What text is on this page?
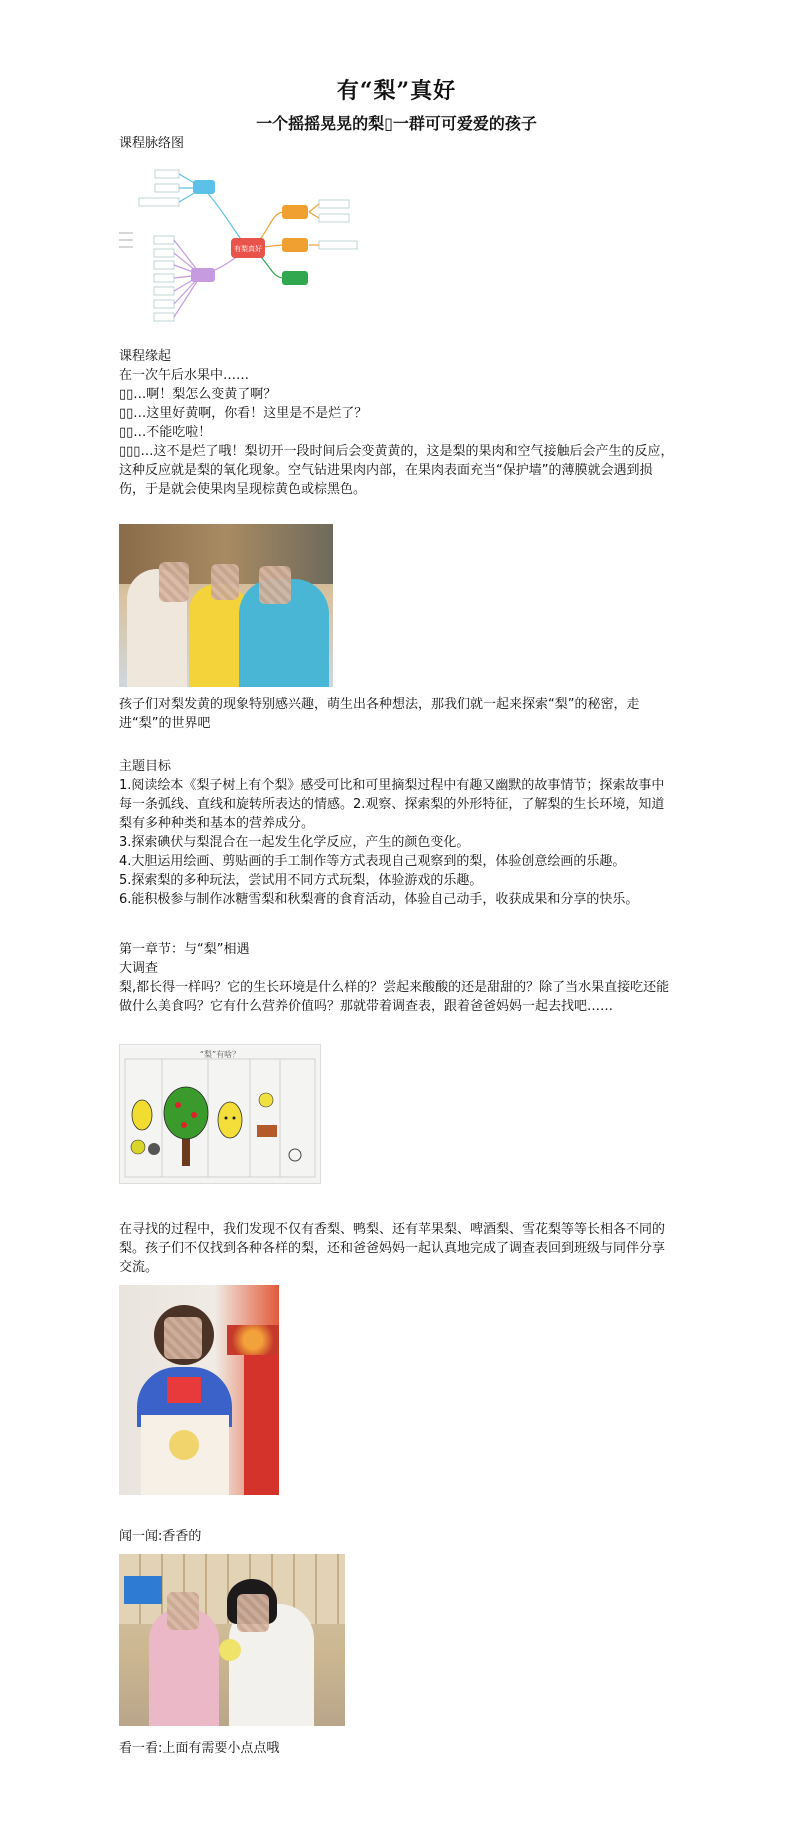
有“梨”真好
一个摇摇晃晃的梨▯一群可可爱爱的孩子
课程脉络图
有梨真好
课程缘起
在一次午后水果中……
▯▯…啊！梨怎么变黄了啊？
▯▯…这里好黄啊，你看！这里是不是烂了？
▯▯…不能吃啦！
▯▯▯…这不是烂了哦！梨切开一段时间后会变黄黄的，这是梨的果肉和空气接触后会产生的反应，这种反应就是梨的氧化现象。空气钻进果肉内部，在果肉表面充当“保护墙”的薄膜就会遇到损伤，于是就会使果肉呈现棕黄色或棕黑色。
孩子们对梨发黄的现象特别感兴趣，萌生出各种想法，那我们就一起来探索“梨”的秘密，走进“梨”的世界吧
主题目标
1.阅读绘本《梨子树上有个梨》感受可比和可里摘梨过程中有趣又幽默的故事情节；探索故事中每一条弧线、直线和旋转所表达的情感。2.观察、探索梨的外形特征，了解梨的生长环境，知道梨有多种种类和基本的营养成分。
3.探索碘伏与梨混合在一起发生化学反应，产生的颜色变化。
4.大胆运用绘画、剪贴画的手工制作等方式表现自己观察到的梨，体验创意绘画的乐趣。
5.探索梨的多种玩法，尝试用不同方式玩梨，体验游戏的乐趣。
6.能积极参与制作冰糖雪梨和秋梨膏的食育活动，体验自己动手，收获成果和分享的快乐。
第一章节：与“梨”相遇
大调查
梨,都长得一样吗？它的生长环境是什么样的？尝起来酸酸的还是甜甜的？除了当水果直接吃还能做什么美食吗？它有什么营养价值吗？那就带着调查表，跟着爸爸妈妈一起去找吧……
“梨”有啥？
在寻找的过程中，我们发现不仅有香梨、鸭梨、还有苹果梨、啤酒梨、雪花梨等等长相各不同的梨。孩子们不仅找到各种各样的梨，还和爸爸妈妈一起认真地完成了调查表回到班级与同伴分享交流。
闻一闻:香香的
看一看:上面有需要小点点哦
